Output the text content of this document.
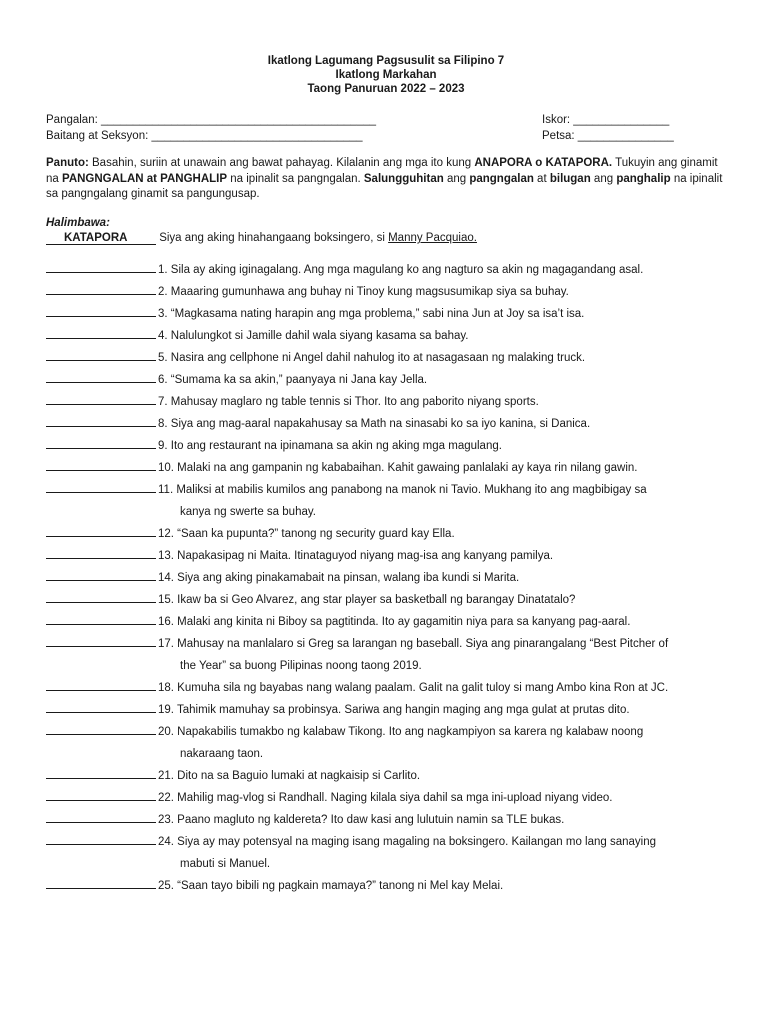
Ikatlong Lagumang Pagsusulit sa Filipino 7
Ikatlong Markahan
Taong Panuruan 2022 – 2023
Pangalan: ___________________________________________	Iskor: _______________
Baitang at Seksyon: _________________________________	Petsa: _______________
Panuto: Basahin, suriin at unawain ang bawat pahayag. Kilalanin ang mga ito kung ANAPORA o KATAPORA. Tukuyin ang ginamit na PANGNGALAN at PANGHALIP na ipinalit sa pangngalan. Salungguhitan ang pangngalan at bilugan ang panghalip na ipinalit sa pangngalang ginamit sa pangungusap.
Halimbawa:
KATAPORA	Siya ang aking hinahangaang boksingero, si Manny Pacquiao.
1. Sila ay aking iginagalang. Ang mga magulang ko ang nagturo sa akin ng magagandang asal.
2. Maaaring gumunhawa ang buhay ni Tinoy kung magsusumikap siya sa buhay.
3. “Magkasama nating harapin ang mga problema,” sabi nina Jun at Joy sa isa’t isa.
4. Nalulungkot si Jamille dahil wala siyang kasama sa bahay.
5. Nasira ang cellphone ni Angel dahil nahulog ito at nasagasaan ng malaking truck.
6. “Sumama ka sa akin,” paanyaya ni Jana kay Jella.
7. Mahusay maglaro ng table tennis si Thor. Ito ang paborito niyang sports.
8. Siya ang mag-aaral napakahusay sa Math na sinasabi ko sa iyo kanina, si Danica.
9. Ito ang restaurant na ipinamana sa akin ng aking mga magulang.
10. Malaki na ang gampanin ng kababaihan. Kahit gawaing panlalaki ay kaya rin nilang gawin.
11. Maliksi at mabilis kumilos ang panabong na manok ni Tavio. Mukhang ito ang magbibigay sa
kanya ng swerte sa buhay.
12. “Saan ka pupunta?” tanong ng security guard kay Ella.
13. Napakasipag ni Maita. Itinataguyod niyang mag-isa ang kanyang pamilya.
14. Siya ang aking pinakamabait na pinsan, walang iba kundi si Marita.
15. Ikaw ba si Geo Alvarez, ang star player sa basketball ng barangay Dinatatalo?
16. Malaki ang kinita ni Biboy sa pagtitinda. Ito ay gagamitin niya para sa kanyang pag-aaral.
17. Mahusay na manlalaro si Greg sa larangan ng baseball. Siya ang pinarangalang “Best Pitcher of
the Year” sa buong Pilipinas noong taong 2019.
18. Kumuha sila ng bayabas nang walang paalam. Galit na galit tuloy si mang Ambo kina Ron at JC.
19. Tahimik mamuhay sa probinsya. Sariwa ang hangin maging ang mga gulat at prutas dito.
20. Napakabilis tumakbo ng kalabaw Tikong. Ito ang nagkampiyon sa karera ng kalabaw noong
nakaraang taon.
21. Dito na sa Baguio lumaki at nagkaisip si Carlito.
22. Mahilig mag-vlog si Randhall. Naging kilala siya dahil sa mga ini-upload niyang video.
23. Paano magluto ng kaldereta? Ito daw kasi ang lulutuin namin sa TLE bukas.
24. Siya ay may potensyal na maging isang magaling na boksingero. Kailangan mo lang sanaying
mabuti si Manuel.
25. “Saan tayo bibili ng pagkain mamaya?” tanong ni Mel kay Melai.
